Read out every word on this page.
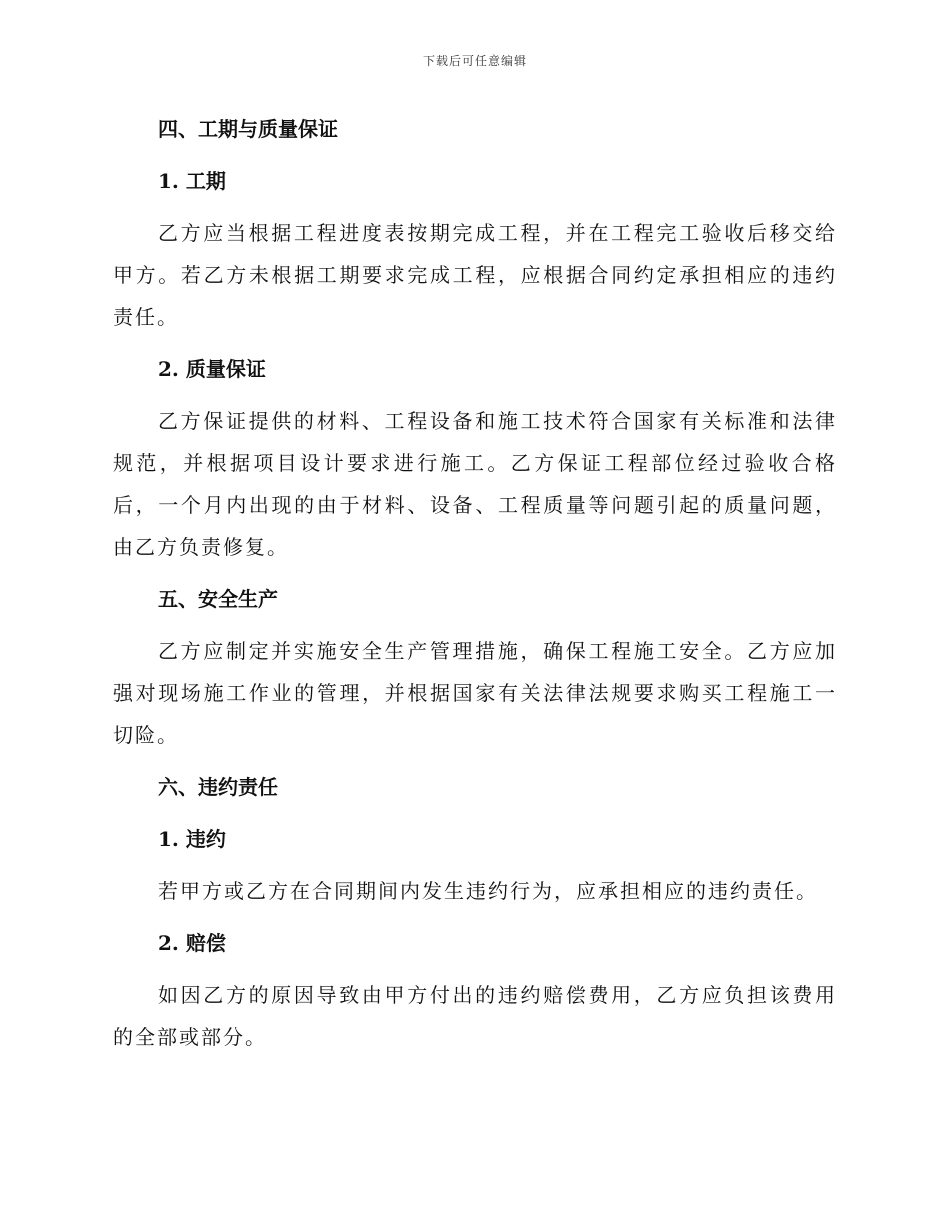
下载后可任意编辑
四、工期与质量保证
1. 工期

乙方应当根据工程进度表按期完成工程，并在工程完工验收后移交给甲方。若乙方未根据工期要求完成工程，应根据合同约定承担相应的违约责任。

2. 质量保证

乙方保证提供的材料、工程设备和施工技术符合国家有关标准和法律规范，并根据项目设计要求进行施工。乙方保证工程部位经过验收合格后，一个月内出现的由于材料、设备、工程质量等问题引起的质量问题，由乙方负责修复。

五、安全生产

乙方应制定并实施安全生产管理措施，确保工程施工安全。乙方应加强对现场施工作业的管理，并根据国家有关法律法规要求购买工程施工一切险。

六、违约责任
1. 违约

若甲方或乙方在合同期间内发生违约行为，应承担相应的违约责任。

2. 赔偿

如因乙方的原因导致由甲方付出的违约赔偿费用，乙方应负担该费用的全部或部分。
